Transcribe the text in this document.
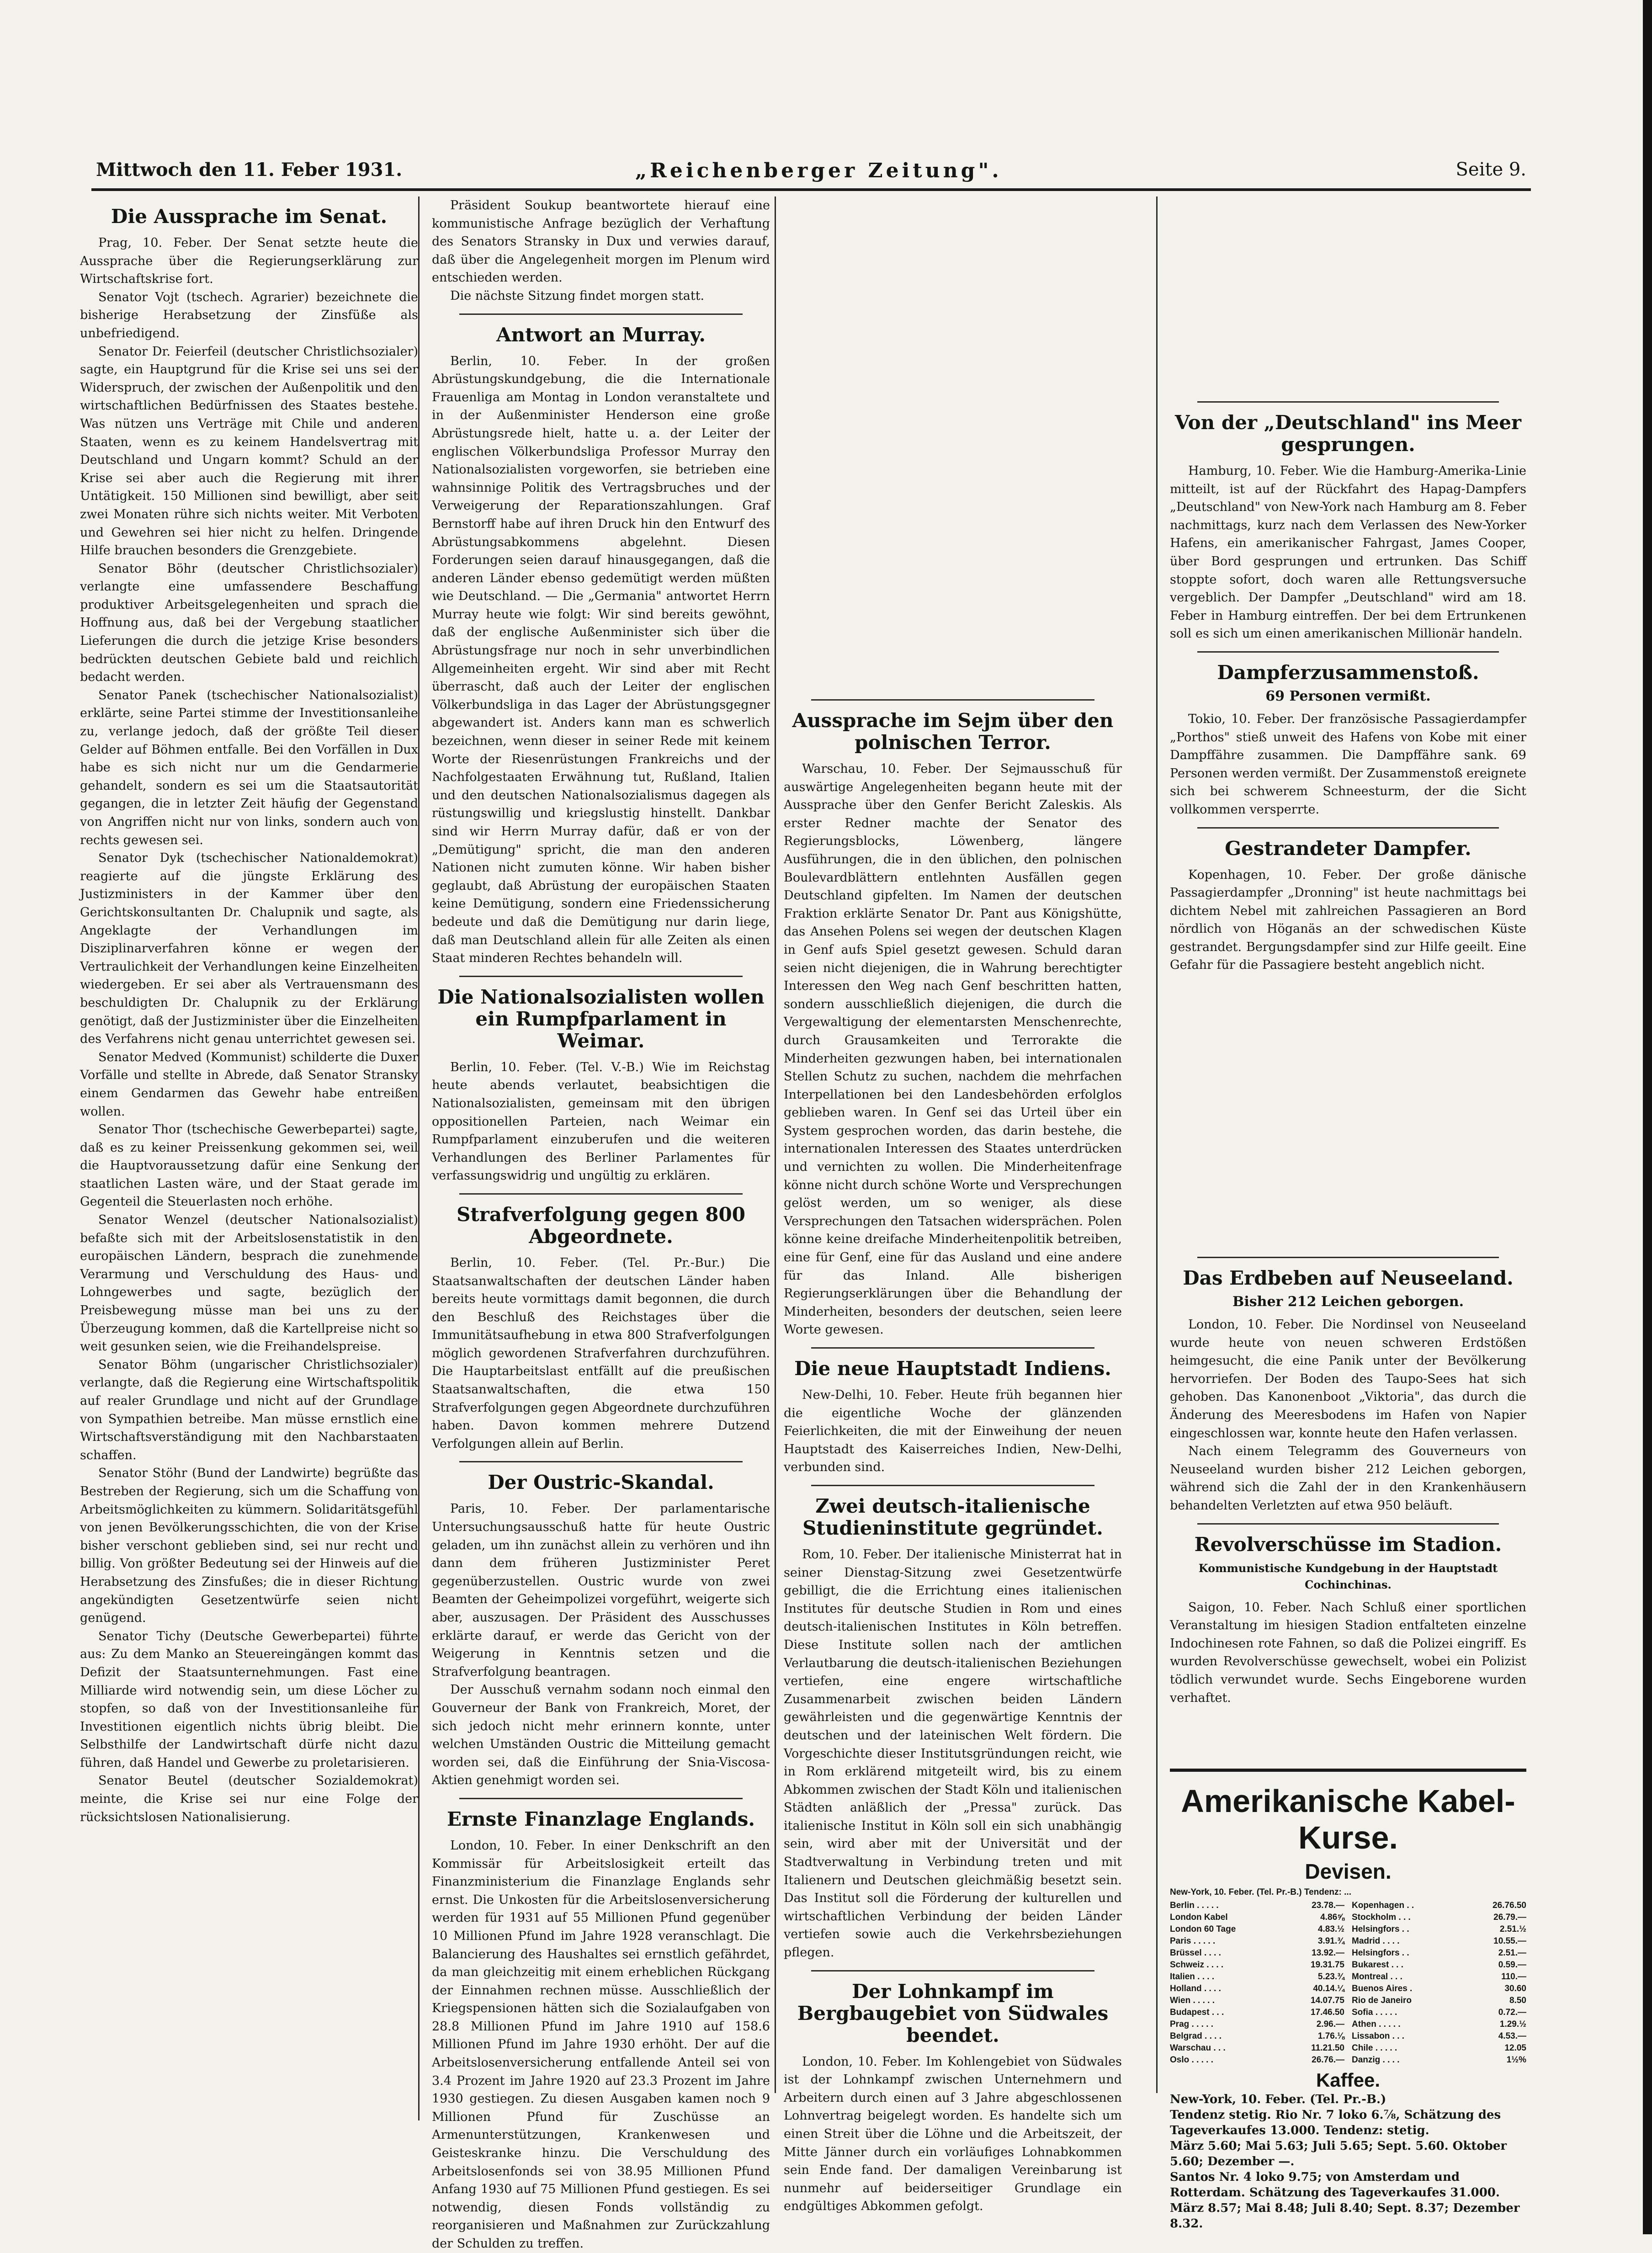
Mittwoch den 11. Feber 1931.	„Reichenberger Zeitung".	Seite 9.
Die Aussprache im Senat.

Prag, 10. Feber. Der Senat setzte heute die Aussprache über die Regierungserklärung zur Wirtschaftskrise fort.

Senator Vojt (tschech. Agrarier) bezeichnete die bisherige Herabsetzung der Zinsfüße als unbefriedigend.

Senator Dr. Feierfeil (deutscher Christlichsozialer) sagte, ein Hauptgrund für die Krise sei uns sei der Widerspruch, der zwischen der Außenpolitik und den wirtschaftlichen Bedürfnissen des Staates bestehe. Was nützen uns Verträge mit Chile und anderen Staaten, wenn es zu keinem Handelsvertrag mit Deutschland und Ungarn kommt? Schuld an der Krise sei aber auch die Regierung mit ihrer Untätigkeit. 150 Millionen sind bewilligt, aber seit zwei Monaten rühre sich nichts weiter. Mit Verboten und Gewehren sei hier nicht zu helfen. Dringende Hilfe brauchen besonders die Grenzgebiete.

Senator Böhr (deutscher Christlichsozialer) verlangte eine umfassendere Beschaffung produktiver Arbeitsgelegenheiten und sprach die Hoffnung aus, daß bei der Vergebung staatlicher Lieferungen die durch die jetzige Krise besonders bedrückten deutschen Gebiete bald und reichlich bedacht werden.

Senator Panek (tschechischer Nationalsozialist) erklärte, seine Partei stimme der Investitionsanleihe zu, verlange jedoch, daß der größte Teil dieser Gelder auf Böhmen entfalle. Bei den Vorfällen in Dux habe es sich nicht nur um die Gendarmerie gehandelt, sondern es sei um die Staatsautorität gegangen, die in letzter Zeit häufig der Gegenstand von Angriffen nicht nur von links, sondern auch von rechts gewesen sei.

Senator Dyk (tschechischer Nationaldemokrat) reagierte auf die jüngste Erklärung des Justizministers in der Kammer über den Gerichtskonsultanten Dr. Chalupnik und sagte, als Angeklagte der Verhandlungen im Disziplinarverfahren könne er wegen der Vertraulichkeit der Verhandlungen keine Einzelheiten wiedergeben. Er sei aber als Vertrauensmann des beschuldigten Dr. Chalupnik zu der Erklärung genötigt, daß der Justizminister über die Einzelheiten des Verfahrens nicht genau unterrichtet gewesen sei.

Senator Medved (Kommunist) schilderte die Duxer Vorfälle und stellte in Abrede, daß Senator Stransky einem Gendarmen das Gewehr habe entreißen wollen.

Senator Thor (tschechische Gewerbepartei) sagte, daß es zu keiner Preissenkung gekommen sei, weil die Hauptvoraussetzung dafür eine Senkung der staatlichen Lasten wäre, und der Staat gerade im Gegenteil die Steuerlasten noch erhöhe.

Senator Wenzel (deutscher Nationalsozialist) befaßte sich mit der Arbeitslosenstatistik in den europäischen Ländern, besprach die zunehmende Verarmung und Verschuldung des Haus- und Lohngewerbes und sagte, bezüglich der Preisbewegung müsse man bei uns zu der Überzeugung kommen, daß die Kartellpreise nicht so weit gesunken seien, wie die Freihandelspreise.

Senator Böhm (ungarischer Christlichsozialer) verlangte, daß die Regierung eine Wirtschaftspolitik auf realer Grundlage und nicht auf der Grundlage von Sympathien betreibe. Man müsse ernstlich eine Wirtschaftsverständigung mit den Nachbarstaaten schaffen.

Senator Stöhr (Bund der Landwirte) begrüßte das Bestreben der Regierung, sich um die Schaffung von Arbeitsmöglichkeiten zu kümmern. Solidaritätsgefühl von jenen Bevölkerungsschichten, die von der Krise bisher verschont geblieben sind, sei nur recht und billig. Von größter Bedeutung sei der Hinweis auf die Herabsetzung des Zinsfußes; die in dieser Richtung angekündigten Gesetzentwürfe seien nicht genügend.

Senator Tichy (Deutsche Gewerbepartei) führte aus: Zu dem Manko an Steuereingängen kommt das Defizit der Staatsunternehmungen. Fast eine Milliarde wird notwendig sein, um diese Löcher zu stopfen, so daß von der Investitionsanleihe für Investitionen eigentlich nichts übrig bleibt. Die Selbsthilfe der Landwirtschaft dürfe nicht dazu führen, daß Handel und Gewerbe zu proletarisieren.

Senator Beutel (deutscher Sozialdemokrat) meinte, die Krise sei nur eine Folge der rücksichtslosen Nationalisierung.

Präsident Soukup beantwortete hierauf eine kommunistische Anfrage bezüglich der Verhaftung des Senators Stransky in Dux und verwies darauf, daß über die Angelegenheit morgen im Plenum wird entschieden werden.

Die nächste Sitzung findet morgen statt.

Antwort an Murray.

Berlin, 10. Feber. In der großen Abrüstungskundgebung, die die Internationale Frauenliga am Montag in London veranstaltete und in der Außenminister Henderson eine große Abrüstungsrede hielt, hatte u. a. der Leiter der englischen Völkerbundsliga Professor Murray den Nationalsozialisten vorgeworfen, sie betrieben eine wahnsinnige Politik des Vertragsbruches und der Verweigerung der Reparationszahlungen. Graf Bernstorff habe auf ihren Druck hin den Entwurf des Abrüstungsabkommens abgelehnt. Diesen Forderungen seien darauf hinausgegangen, daß die anderen Länder ebenso gedemütigt werden müßten wie Deutschland. — Die „Germania" antwortet Herrn Murray heute wie folgt: Wir sind bereits gewöhnt, daß der englische Außenminister sich über die Abrüstungsfrage nur noch in sehr unverbindlichen Allgemeinheiten ergeht. Wir sind aber mit Recht überrascht, daß auch der Leiter der englischen Völkerbundsliga in das Lager der Abrüstungsgegner abgewandert ist. Anders kann man es schwerlich bezeichnen, wenn dieser in seiner Rede mit keinem Worte der Riesenrüstungen Frankreichs und der Nachfolgestaaten Erwähnung tut, Rußland, Italien und den deutschen Nationalsozialismus dagegen als rüstungswillig und kriegslustig hinstellt. Dankbar sind wir Herrn Murray dafür, daß er von der „Demütigung" spricht, die man den anderen Nationen nicht zumuten könne. Wir haben bisher geglaubt, daß Abrüstung der europäischen Staaten keine Demütigung, sondern eine Friedenssicherung bedeute und daß die Demütigung nur darin liege, daß man Deutschland allein für alle Zeiten als einen Staat minderen Rechtes behandeln will.

Die Nationalsozialisten wollen ein Rumpfparlament in Weimar.

Berlin, 10. Feber. (Tel. V.-B.) Wie im Reichstag heute abends verlautet, beabsichtigen die Nationalsozialisten, gemeinsam mit den übrigen oppositionellen Parteien, nach Weimar ein Rumpfparlament einzuberufen und die weiteren Verhandlungen des Berliner Parlamentes für verfassungswidrig und ungültig zu erklären.

Strafverfolgung gegen 800 Abgeordnete.

Berlin, 10. Feber. (Tel. Pr.-Bur.) Die Staatsanwaltschaften der deutschen Länder haben bereits heute vormittags damit begonnen, die durch den Beschluß des Reichstages über die Immunitätsaufhebung in etwa 800 Strafverfolgungen möglich gewordenen Strafverfahren durchzuführen. Die Hauptarbeitslast entfällt auf die preußischen Staatsanwaltschaften, die etwa 150 Strafverfolgungen gegen Abgeordnete durchzuführen haben. Davon kommen mehrere Dutzend Verfolgungen allein auf Berlin.

Der Oustric-Skandal.

Paris, 10. Feber. Der parlamentarische Untersuchungsausschuß hatte für heute Oustric geladen, um ihn zunächst allein zu verhören und ihn dann dem früheren Justizminister Peret gegenüberzustellen. Oustric wurde von zwei Beamten der Geheimpolizei vorgeführt, weigerte sich aber, auszusagen. Der Präsident des Ausschusses erklärte darauf, er werde das Gericht von der Weigerung in Kenntnis setzen und die Strafverfolgung beantragen.

Der Ausschuß vernahm sodann noch einmal den Gouverneur der Bank von Frankreich, Moret, der sich jedoch nicht mehr erinnern konnte, unter welchen Umständen Oustric die Mitteilung gemacht worden sei, daß die Einführung der Snia-Viscosa-Aktien genehmigt worden sei.

Ernste Finanzlage Englands.

London, 10. Feber. In einer Denkschrift an den Kommissär für Arbeitslosigkeit erteilt das Finanzministerium die Finanzlage Englands sehr ernst. Die Unkosten für die Arbeitslosenversicherung werden für 1931 auf 55 Millionen Pfund gegenüber 10 Millionen Pfund im Jahre 1928 veranschlagt. Die Balancierung des Haushaltes sei ernstlich gefährdet, da man gleichzeitig mit einem erheblichen Rückgang der Einnahmen rechnen müsse. Ausschließlich der Kriegspensionen hätten sich die Sozialaufgaben von 28.8 Millionen Pfund im Jahre 1910 auf 158.6 Millionen Pfund im Jahre 1930 erhöht. Der auf die Arbeitslosenversicherung entfallende Anteil sei von 3.4 Prozent im Jahre 1920 auf 23.3 Prozent im Jahre 1930 gestiegen. Zu diesen Ausgaben kamen noch 9 Millionen Pfund für Zuschüsse an Armenunterstützungen, Krankenwesen und Geisteskranke hinzu. Die Verschuldung des Arbeitslosenfonds sei von 38.95 Millionen Pfund Anfang 1930 auf 75 Millionen Pfund gestiegen. Es sei notwendig, diesen Fonds vollständig zu reorganisieren und Maßnahmen zur Zurückzahlung der Schulden zu treffen.

Aussprache im Sejm über den polnischen Terror.

Warschau, 10. Feber. Der Sejmausschuß für auswärtige Angelegenheiten begann heute mit der Aussprache über den Genfer Bericht Zaleskis. Als erster Redner machte der Senator des Regierungsblocks, Löwenberg, längere Ausführungen, die in den üblichen, den polnischen Boulevardblättern entlehnten Ausfällen gegen Deutschland gipfelten. Im Namen der deutschen Fraktion erklärte Senator Dr. Pant aus Königshütte, das Ansehen Polens sei wegen der deutschen Klagen in Genf aufs Spiel gesetzt gewesen. Schuld daran seien nicht diejenigen, die in Wahrung berechtigter Interessen den Weg nach Genf beschritten hatten, sondern ausschließlich diejenigen, die durch die Vergewaltigung der elementarsten Menschenrechte, durch Grausamkeiten und Terrorakte die Minderheiten gezwungen haben, bei internationalen Stellen Schutz zu suchen, nachdem die mehrfachen Interpellationen bei den Landesbehörden erfolglos geblieben waren. In Genf sei das Urteil über ein System gesprochen worden, das darin bestehe, die internationalen Interessen des Staates unterdrücken und vernichten zu wollen. Die Minderheitenfrage könne nicht durch schöne Worte und Versprechungen gelöst werden, um so weniger, als diese Versprechungen den Tatsachen widersprächen. Polen könne keine dreifache Minderheitenpolitik betreiben, eine für Genf, eine für das Ausland und eine andere für das Inland. Alle bisherigen Regierungserklärungen über die Behandlung der Minderheiten, besonders der deutschen, seien leere Worte gewesen.

Die neue Hauptstadt Indiens.

New-Delhi, 10. Feber. Heute früh begannen hier die eigentliche Woche der glänzenden Feierlichkeiten, die mit der Einweihung der neuen Hauptstadt des Kaiserreiches Indien, New-Delhi, verbunden sind.

Zwei deutsch-italienische Studieninstitute gegründet.

Rom, 10. Feber. Der italienische Ministerrat hat in seiner Dienstag-Sitzung zwei Gesetzentwürfe gebilligt, die die Errichtung eines italienischen Institutes für deutsche Studien in Rom und eines deutsch-italienischen Institutes in Köln betreffen. Diese Institute sollen nach der amtlichen Verlautbarung die deutsch-italienischen Beziehungen vertiefen, eine engere wirtschaftliche Zusammenarbeit zwischen beiden Ländern gewährleisten und die gegenwärtige Kenntnis der deutschen und der lateinischen Welt fördern. Die Vorgeschichte dieser Institutsgründungen reicht, wie in Rom erklärend mitgeteilt wird, bis zu einem Abkommen zwischen der Stadt Köln und italienischen Städten anläßlich der „Pressa" zurück. Das italienische Institut in Köln soll ein sich unabhängig sein, wird aber mit der Universität und der Stadtverwaltung in Verbindung treten und mit Italienern und Deutschen gleichmäßig besetzt sein. Das Institut soll die Förderung der kulturellen und wirtschaftlichen Verbindung der beiden Länder vertiefen sowie auch die Verkehrsbeziehungen pflegen.

Der Lohnkampf im Bergbaugebiet von Südwales beendet.

London, 10. Feber. Im Kohlengebiet von Südwales ist der Lohnkampf zwischen Unternehmern und Arbeitern durch einen auf 3 Jahre abgeschlossenen Lohnvertrag beigelegt worden. Es handelte sich um einen Streit über die Löhne und die Arbeitszeit, der Mitte Jänner durch ein vorläufiges Lohnabkommen sein Ende fand. Der damaligen Vereinbarung ist nunmehr auf beiderseitiger Grundlage ein endgültiges Abkommen gefolgt.

Von der „Deutschland" ins Meer gesprungen.

Hamburg, 10. Feber. Wie die Hamburg-Amerika-Linie mitteilt, ist auf der Rückfahrt des Hapag-Dampfers „Deutschland" von New-York nach Hamburg am 8. Feber nachmittags, kurz nach dem Verlassen des New-Yorker Hafens, ein amerikanischer Fahrgast, James Cooper, über Bord gesprungen und ertrunken. Das Schiff stoppte sofort, doch waren alle Rettungsversuche vergeblich. Der Dampfer „Deutschland" wird am 18. Feber in Hamburg eintreffen. Der bei dem Ertrunkenen soll es sich um einen amerikanischen Millionär handeln.

Dampferzusammenstoß.
69 Personen vermißt.

Tokio, 10. Feber. Der französische Passagierdampfer „Porthos" stieß unweit des Hafens von Kobe mit einer Dampffähre zusammen. Die Dampffähre sank. 69 Personen werden vermißt. Der Zusammenstoß ereignete sich bei schwerem Schneesturm, der die Sicht vollkommen versperrte.

Gestrandeter Dampfer.

Kopenhagen, 10. Feber. Der große dänische Passagierdampfer „Dronning" ist heute nachmittags bei dichtem Nebel mit zahlreichen Passagieren an Bord nördlich von Höganäs an der schwedischen Küste gestrandet. Bergungsdampfer sind zur Hilfe geeilt. Eine Gefahr für die Passagiere besteht angeblich nicht.

Das Erdbeben auf Neuseeland.
Bisher 212 Leichen geborgen.

London, 10. Feber. Die Nordinsel von Neuseeland wurde heute von neuen schweren Erdstößen heimgesucht, die eine Panik unter der Bevölkerung hervorriefen. Der Boden des Taupo-Sees hat sich gehoben. Das Kanonenboot „Viktoria", das durch die Änderung des Meeresbodens im Hafen von Napier eingeschlossen war, konnte heute den Hafen verlassen.

Nach einem Telegramm des Gouverneurs von Neuseeland wurden bisher 212 Leichen geborgen, während sich die Zahl der in den Krankenhäusern behandelten Verletzten auf etwa 950 beläuft.

Revolverschüsse im Stadion.
Kommunistische Kundgebung in der Hauptstadt Cochinchinas.

Saigon, 10. Feber. Nach Schluß einer sportlichen Veranstaltung im hiesigen Stadion entfalteten einzelne Indochinesen rote Fahnen, so daß die Polizei eingriff. Es wurden Revolverschüsse gewechselt, wobei ein Polizist tödlich verwundet wurde. Sechs Eingeborene wurden verhaftet.

Amerikanische Kabel-Kurse.
Devisen.
New-York, 10. Feber. (Tel. Pr.-B.) Tendenz: ...
Berlin . . . . .	23.78.—
London Kabel	4.86⅝
London 60 Tage	4.83.½
Paris . . . . .	3.91.¾
Brüssel . . . .	13.92.—
Schweiz . . . .	19.31.75
Italien . . . .	5.23.¾
Holland . . . .	40.14.¼
Wien . . . . .	14.07.75
Budapest . . .	17.46.50
Prag . . . . .	2.96.—
Belgrad . . . .	1.76.⅛
Warschau . . .	11.21.50
Oslo . . . . .	26.76.—
Kopenhagen . .	26.76.50
Stockholm . . .	26.79.—
Helsingfors . .	2.51.½
Madrid . . . .	10.55.—
Helsingfors . .	2.51.—
Bukarest . . .	0.59.—
Montreal . . .	110.—
Buenos Aires .	30.60
Rio de Janeiro	8.50
Sofia . . . . .	0.72.—
Athen . . . . .	1.29.½
Lissabon . . .	4.53.—
Chile . . . . .	12.05
Danzig . . . .	1½%
Kaffee.
New-York, 10. Feber. (Tel. Pr.-B.)
Tendenz stetig. Rio Nr. 7 loko 6.⅞, Schätzung des Tageverkaufes 13.000. Tendenz: stetig.
März 5.60; Mai 5.63; Juli 5.65; Sept. 5.60. Oktober 5.60; Dezember —.
Santos Nr. 4 loko 9.75; von Amsterdam und Rotterdam. Schätzung des Tageverkaufes 31.000.
März 8.57; Mai 8.48; Juli 8.40; Sept. 8.37; Dezember 8.32.
